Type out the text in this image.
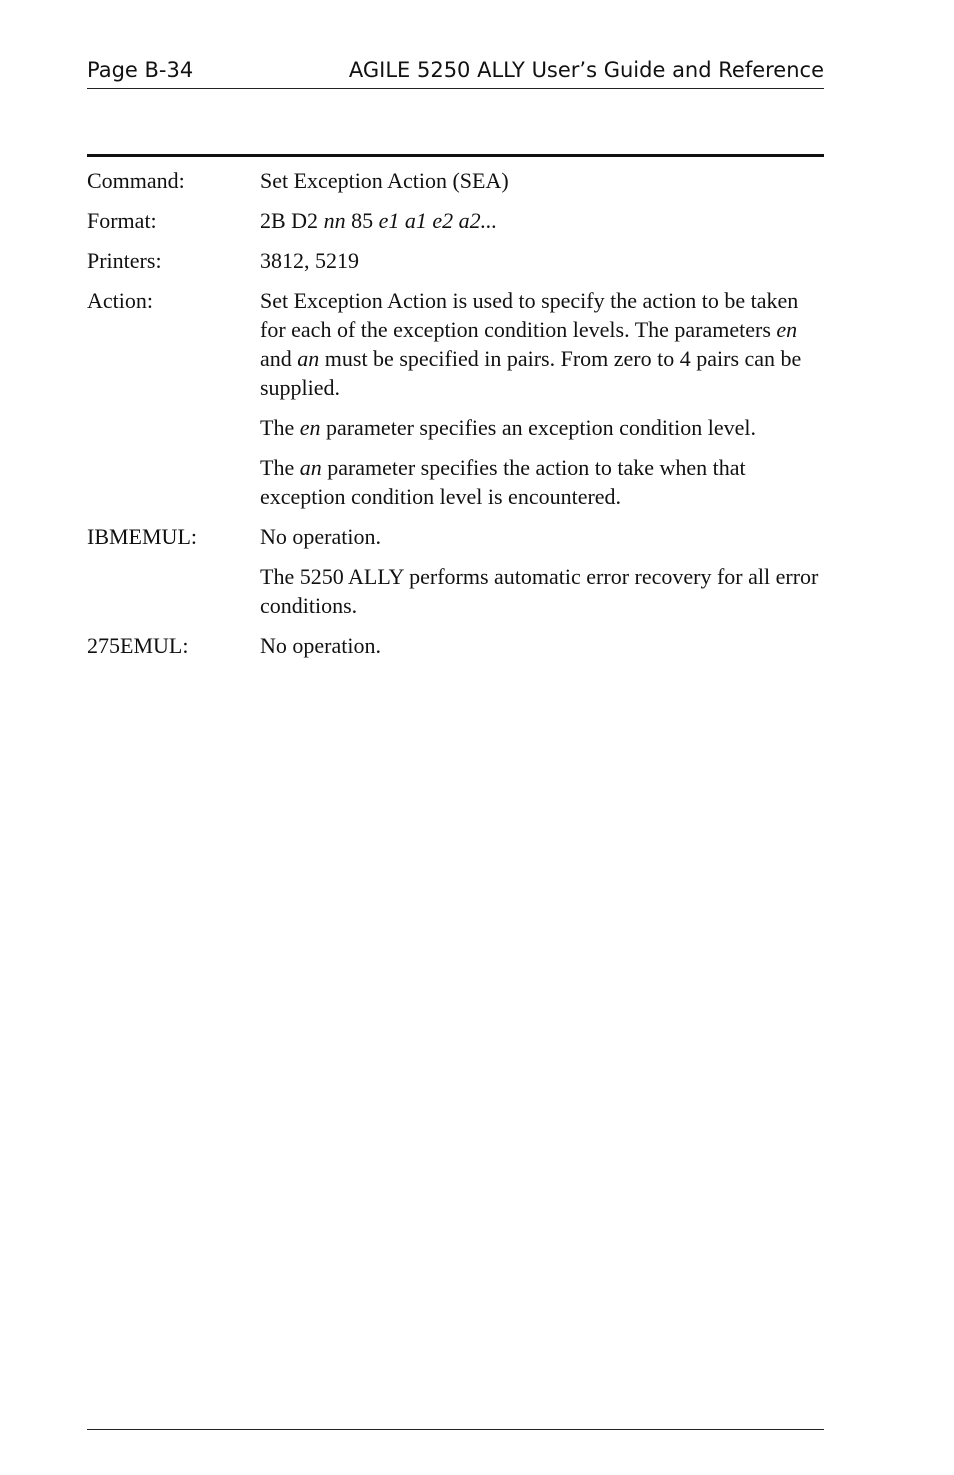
Page B-34	AGILE 5250 ALLY User’s Guide and Reference
Command:	Set Exception Action (SEA)
Format:	2B D2 nn 85 e1 a1 e2 a2...
Printers:	3812, 5219
Action:	Set Exception Action is used to specify the action to be taken for each of the exception condition levels. The parameters en and an must be specified in pairs. From zero to 4 pairs can be supplied.

The en parameter specifies an exception condition level.

The an parameter specifies the action to take when that exception condition level is encountered.

IBMEMUL:	No operation.

The 5250 ALLY performs automatic error recovery for all error conditions.

275EMUL:	No operation.
